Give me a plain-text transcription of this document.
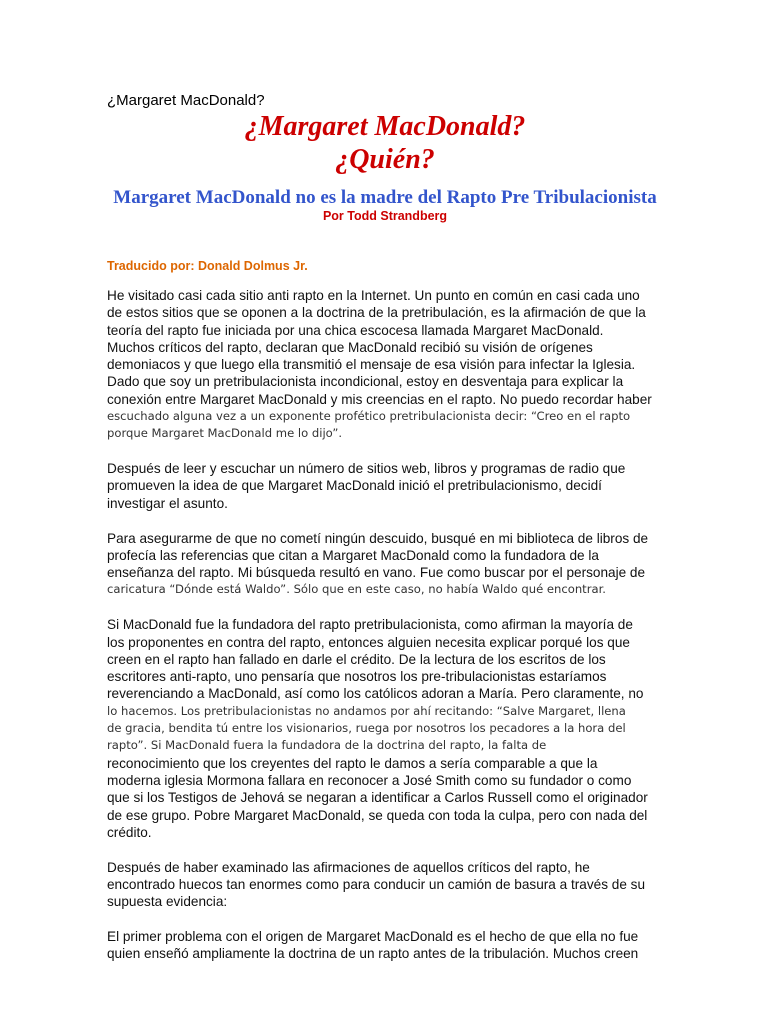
¿Margaret MacDonald?
¿Margaret MacDonald?
¿Quién?
Margaret MacDonald no es la madre del Rapto Pre Tribulacionista
Por Todd Strandberg
Traducido por: Donald Dolmus Jr.

He visitado casi cada sitio anti rapto en la Internet. Un punto en común en casi cada uno
de estos sitios que se oponen a la doctrina de la pretribulación, es la afirmación de que la
teoría del rapto fue iniciada por una chica escocesa llamada Margaret MacDonald.
Muchos críticos del rapto, declaran que MacDonald recibió su visión de orígenes
demoniacos y que luego ella transmitió el mensaje de esa visión para infectar la Iglesia.
Dado que soy un pretribulacionista incondicional, estoy en desventaja para explicar la
conexión entre Margaret MacDonald y mis creencias en el rapto. No puedo recordar haber
escuchado alguna vez a un exponente profético pretribulacionista decir: “Creo en el rapto
porque Margaret MacDonald me lo dijo”.

Después de leer y escuchar un número de sitios web, libros y programas de radio que
promueven la idea de que Margaret MacDonald inició el pretribulacionismo, decidí
investigar el asunto.

Para asegurarme de que no cometí ningún descuido, busqué en mi biblioteca de libros de
profecía las referencias que citan a Margaret MacDonald como la fundadora de la
enseñanza del rapto. Mi búsqueda resultó en vano. Fue como buscar por el personaje de
caricatura “Dónde está Waldo”. Sólo que en este caso, no había Waldo qué encontrar.

Si MacDonald fue la fundadora del rapto pretribulacionista, como afirman la mayoría de
los proponentes en contra del rapto, entonces alguien necesita explicar porqué los que
creen en el rapto han fallado en darle el crédito. De la lectura de los escritos de los
escritores anti-rapto, uno pensaría que nosotros los pre-tribulacionistas estaríamos
reverenciando a MacDonald, así como los católicos adoran a María. Pero claramente, no
lo hacemos. Los pretribulacionistas no andamos por ahí recitando: “Salve Margaret, llena
de gracia, bendita tú entre los visionarios, ruega por nosotros los pecadores a la hora del
rapto”. Si MacDonald fuera la fundadora de la doctrina del rapto, la falta de
reconocimiento que los creyentes del rapto le damos a sería comparable a que la
moderna iglesia Mormona fallara en reconocer a José Smith como su fundador o como
que si los Testigos de Jehová se negaran a identificar a Carlos Russell como el originador
de ese grupo. Pobre Margaret MacDonald, se queda con toda la culpa, pero con nada del
crédito.

Después de haber examinado las afirmaciones de aquellos críticos del rapto, he
encontrado huecos tan enormes como para conducir un camión de basura a través de su
supuesta evidencia:

El primer problema con el origen de Margaret MacDonald es el hecho de que ella no fue
quien enseñó ampliamente la doctrina de un rapto antes de la tribulación. Muchos creen
